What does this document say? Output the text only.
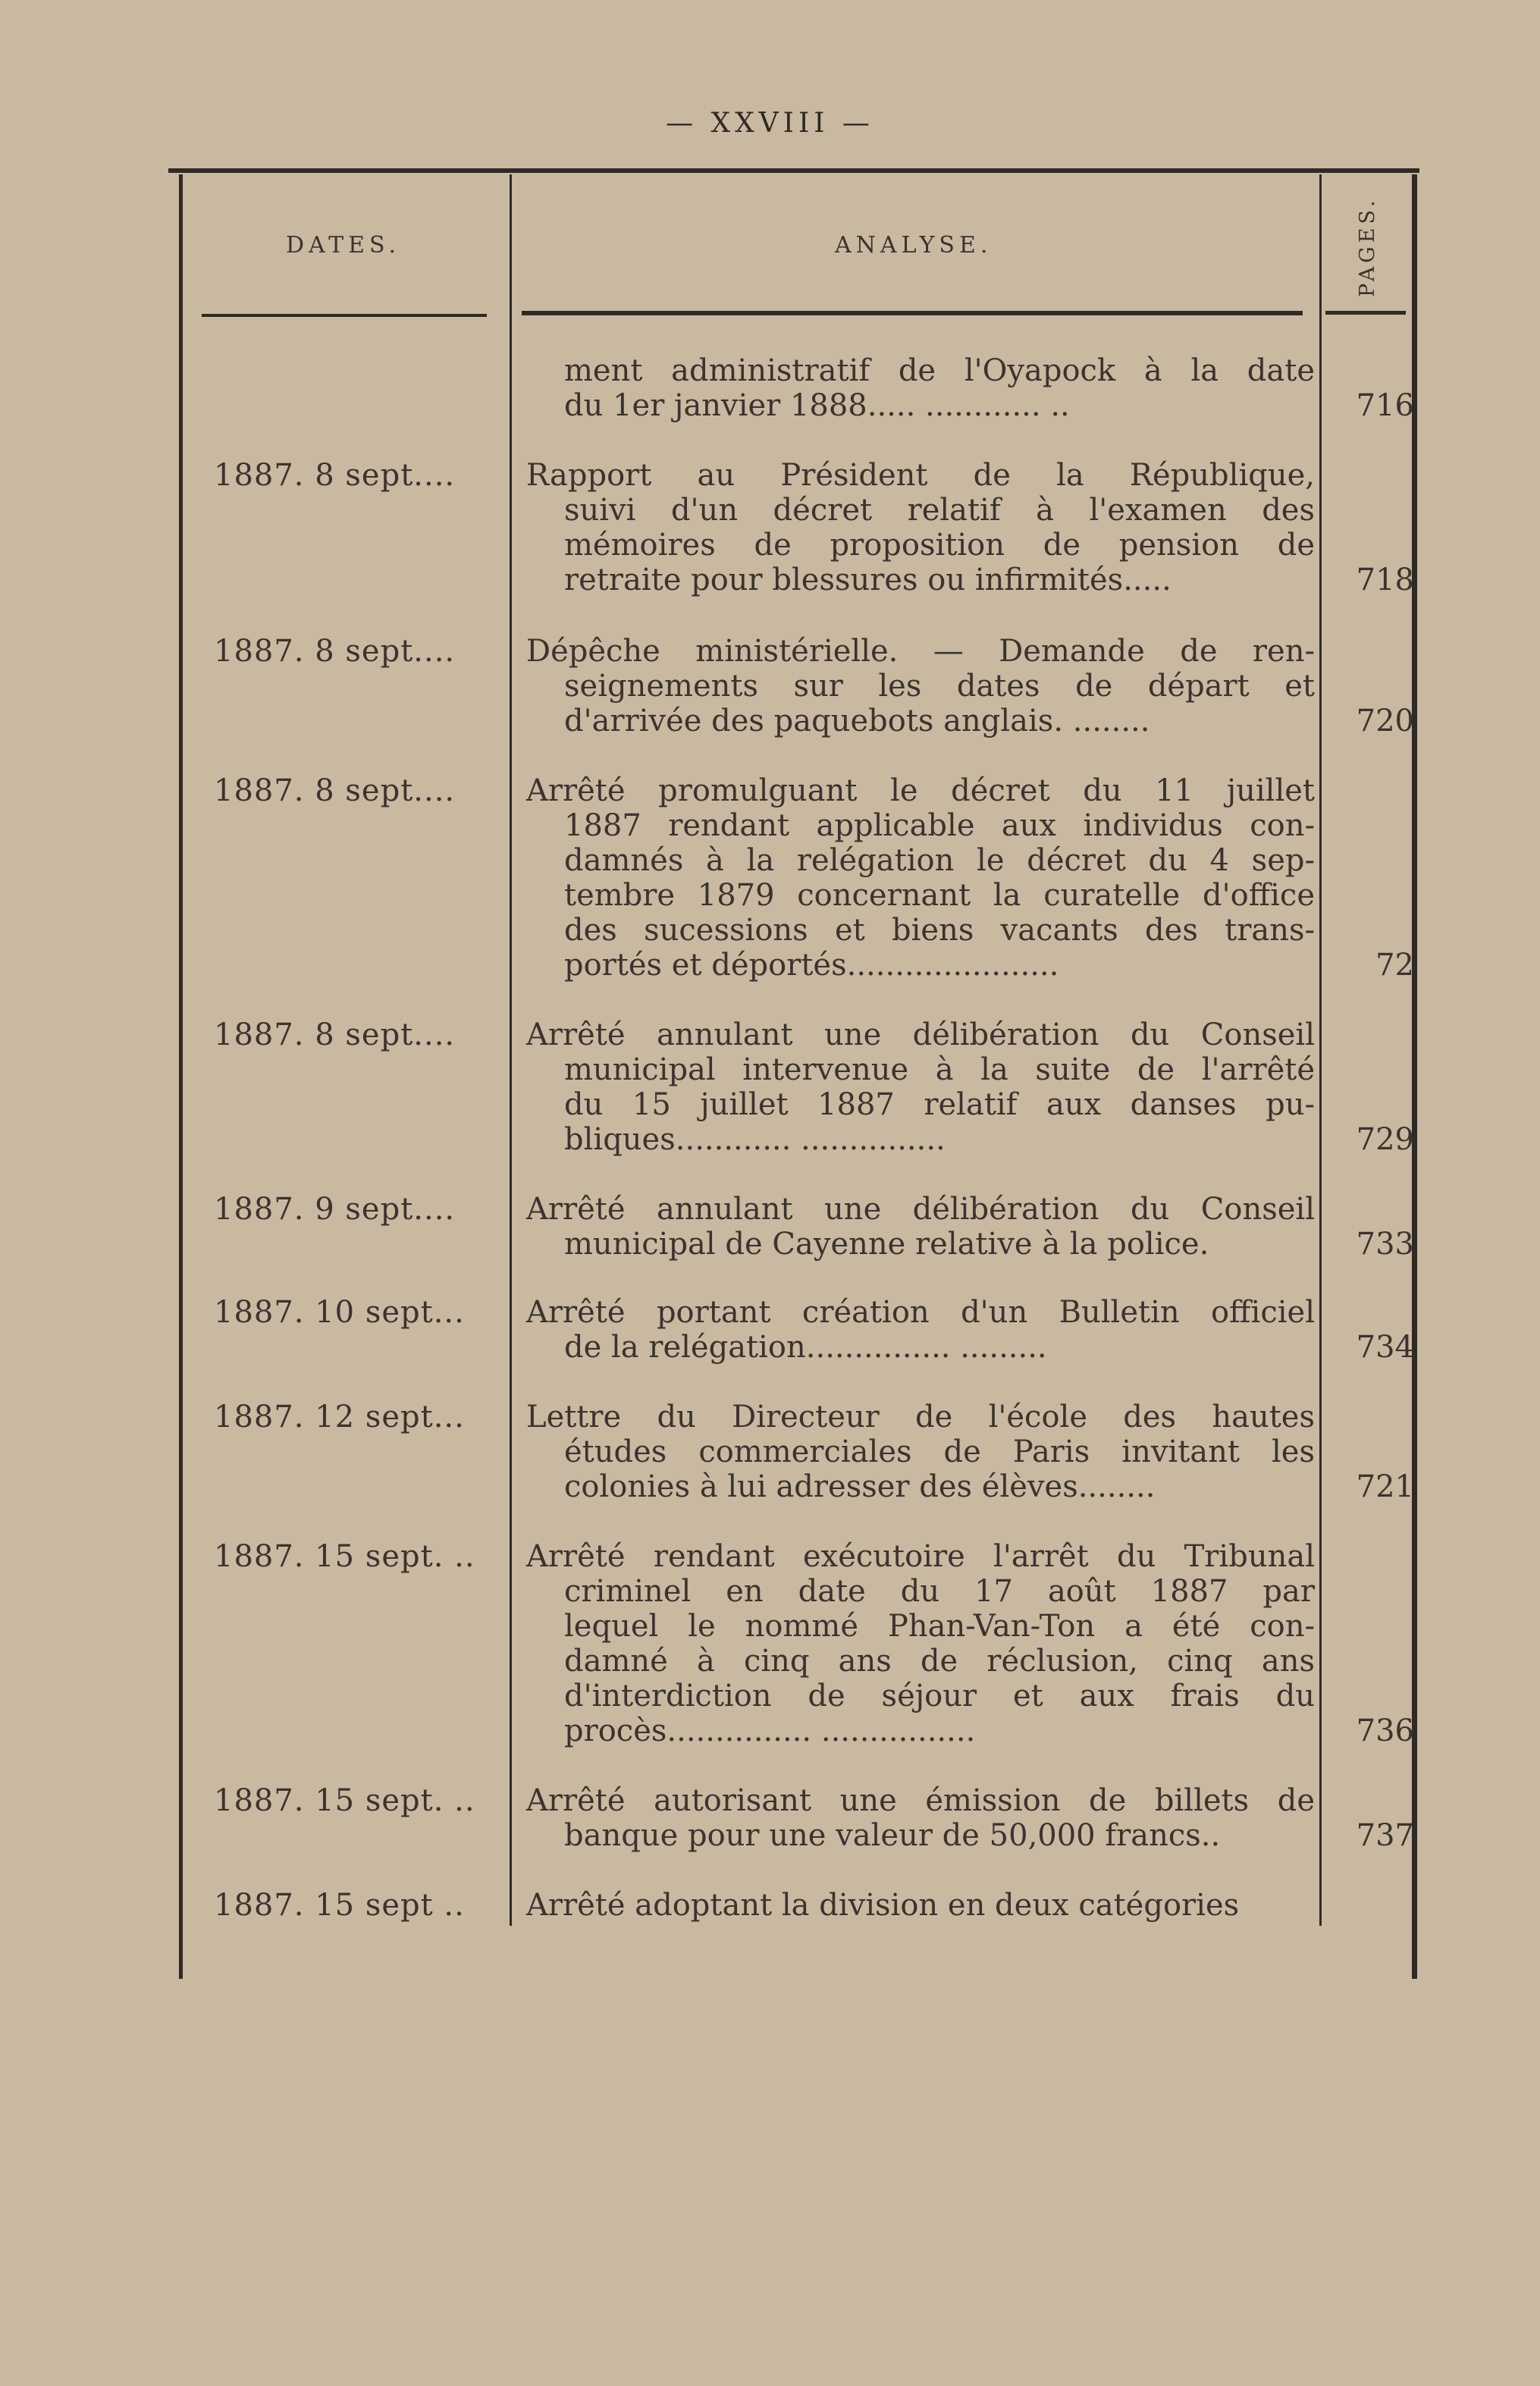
— XXVIII —
DATES.	ANALYSE.	PAGES.
ment administratif de l'Oyapock à la date
du 1er janvier 1888..... ............ ..	716
1887. 8 sept.... Rapport au Président de la République,
suivi d'un décret relatif à l'examen des
mémoires de proposition de pension de
retraite pour blessures ou infirmités.....	718
1887. 8 sept.... Dépêche ministérielle. — Demande de ren-
seignements sur les dates de départ et
d'arrivée des paquebots anglais. ........	720
1887. 8 sept.... Arrêté promulguant le décret du 11 juillet
1887 rendant applicable aux individus con-
damnés à la relégation le décret du 4 sep-
tembre 1879 concernant la curatelle d'office
des sucessions et biens vacants des trans-
portés et déportés......................	72
1887. 8 sept.... Arrêté annulant une délibération du Conseil
municipal intervenue à la suite de l'arrêté
du 15 juillet 1887 relatif aux danses pu-
bliques............ ...............	729
1887. 9 sept.... Arrêté annulant une délibération du Conseil
municipal de Cayenne relative à la police.	733
1887. 10 sept... Arrêté portant création d'un Bulletin officiel
de la relégation............... .........	734
1887. 12 sept... Lettre du Directeur de l'école des hautes
études commerciales de Paris invitant les
colonies à lui adresser des élèves........	721
1887. 15 sept. .. Arrêté rendant exécutoire l'arrêt du Tribunal
criminel en date du 17 août 1887 par
lequel le nommé Phan-Van-Ton a été con-
damné à cinq ans de réclusion, cinq ans
d'interdiction de séjour et aux frais du
procès............... ................	736
1887. 15 sept. .. Arrêté autorisant une émission de billets de
banque pour une valeur de 50,000 francs..	737
1887. 15 sept .. Arrêté adoptant la division en deux catégories
